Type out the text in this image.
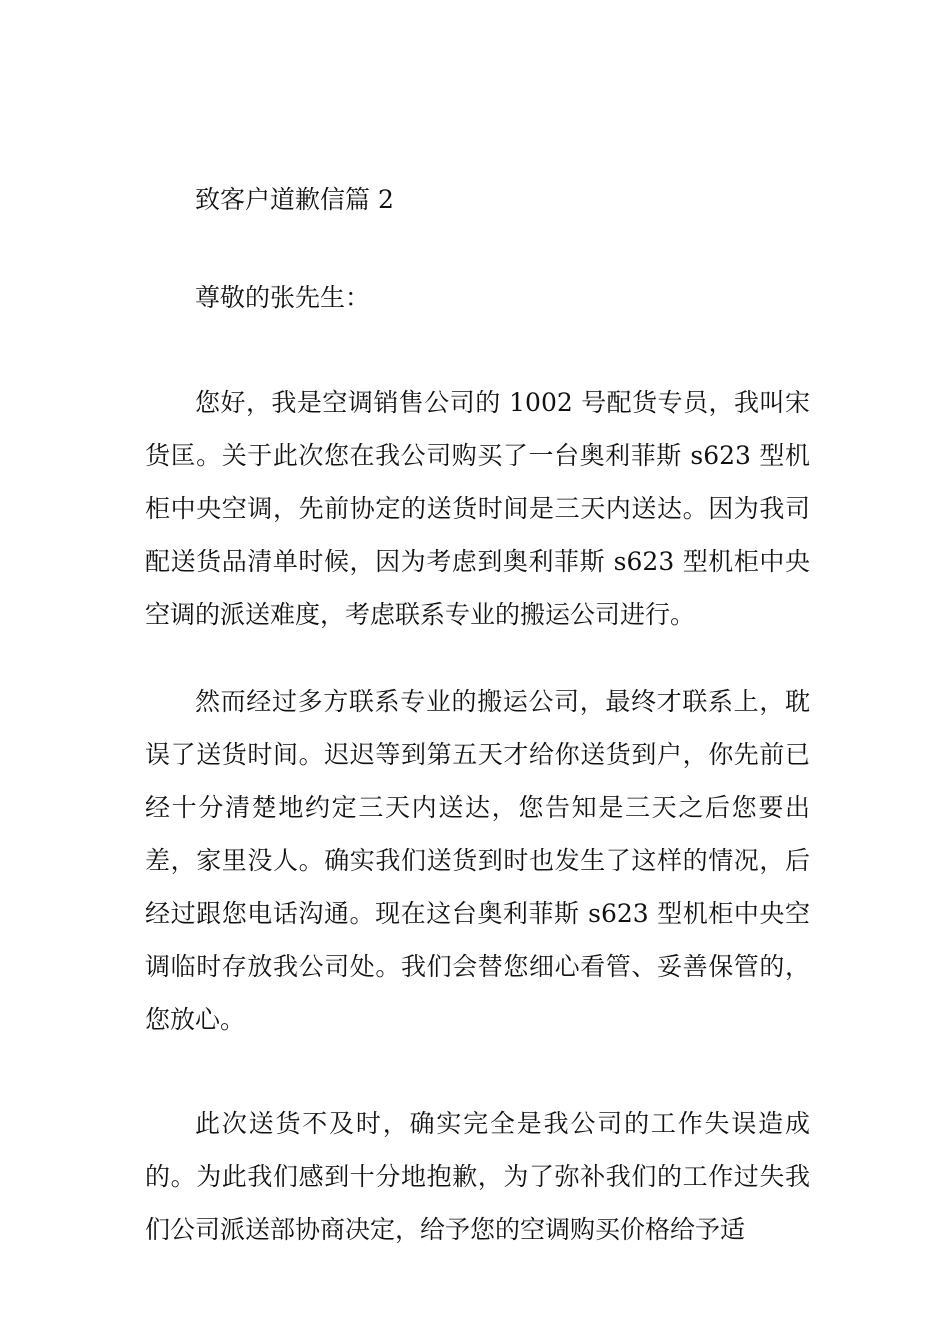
致客户道歉信篇 2

尊敬的张先生：

您好，我是空调销售公司的 1002 号配货专员，我叫宋货匡。关于此次您在我公司购买了一台奥利菲斯 s623 型机柜中央空调，先前协定的送货时间是三天内送达。因为我司配送货品清单时候，因为考虑到奥利菲斯 s623 型机柜中央空调的派送难度，考虑联系专业的搬运公司进行。

然而经过多方联系专业的搬运公司，最终才联系上，耽误了送货时间。迟迟等到第五天才给你送货到户，你先前已经十分清楚地约定三天内送达，您告知是三天之后您要出差，家里没人。确实我们送货到时也发生了这样的情况，后经过跟您电话沟通。现在这台奥利菲斯 s623 型机柜中央空调临时存放我公司处。我们会替您细心看管、妥善保管的，您放心。

此次送货不及时，确实完全是我公司的工作失误造成的。为此我们感到十分地抱歉，为了弥补我们的工作过失我们公司派送部协商决定，给予您的空调购买价格给予适
